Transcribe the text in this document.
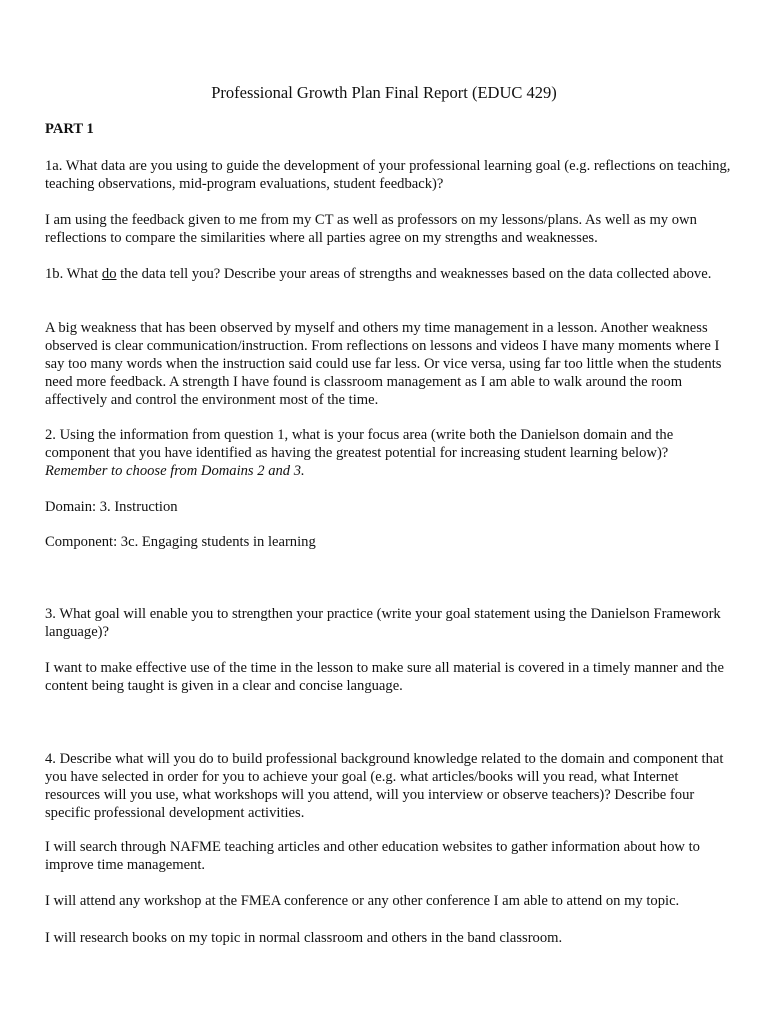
Professional Growth Plan Final Report (EDUC 429)

PART 1

1a. What data are you using to guide the development of your professional learning goal (e.g. reflections on teaching, teaching observations, mid-program evaluations, student feedback)?

I am using the feedback given to me from my CT as well as professors on my lessons/plans. As well as my own reflections to compare the similarities where all parties agree on my strengths and weaknesses.

1b. What do the data tell you? Describe your areas of strengths and weaknesses based on the data collected above.

A big weakness that has been observed by myself and others my time management in a lesson. Another weakness observed is clear communication/instruction. From reflections on lessons and videos I have many moments where I say too many words when the instruction said could use far less. Or vice versa, using far too little when the students need more feedback. A strength I have found is classroom management as I am able to walk around the room affectively and control the environment most of the time.

2. Using the information from question 1, what is your focus area (write both the Danielson domain and the component that you have identified as having the greatest potential for increasing student learning below)?

Remember to choose from Domains 2 and 3.

Domain: 3. Instruction

Component: 3c. Engaging students in learning

3. What goal will enable you to strengthen your practice (write your goal statement using the Danielson Framework language)?

I want to make effective use of the time in the lesson to make sure all material is covered in a timely manner and the content being taught is given in a clear and concise language.

4. Describe what will you do to build professional background knowledge related to the domain and component that you have selected in order for you to achieve your goal (e.g. what articles/books will you read, what Internet resources will you use, what workshops will you attend, will you interview or observe teachers)? Describe four specific professional development activities.

I will search through NAFME teaching articles and other education websites to gather information about how to improve time management.

I will attend any workshop at the FMEA conference or any other conference I am able to attend on my topic.

I will research books on my topic in normal classroom and others in the band classroom.
